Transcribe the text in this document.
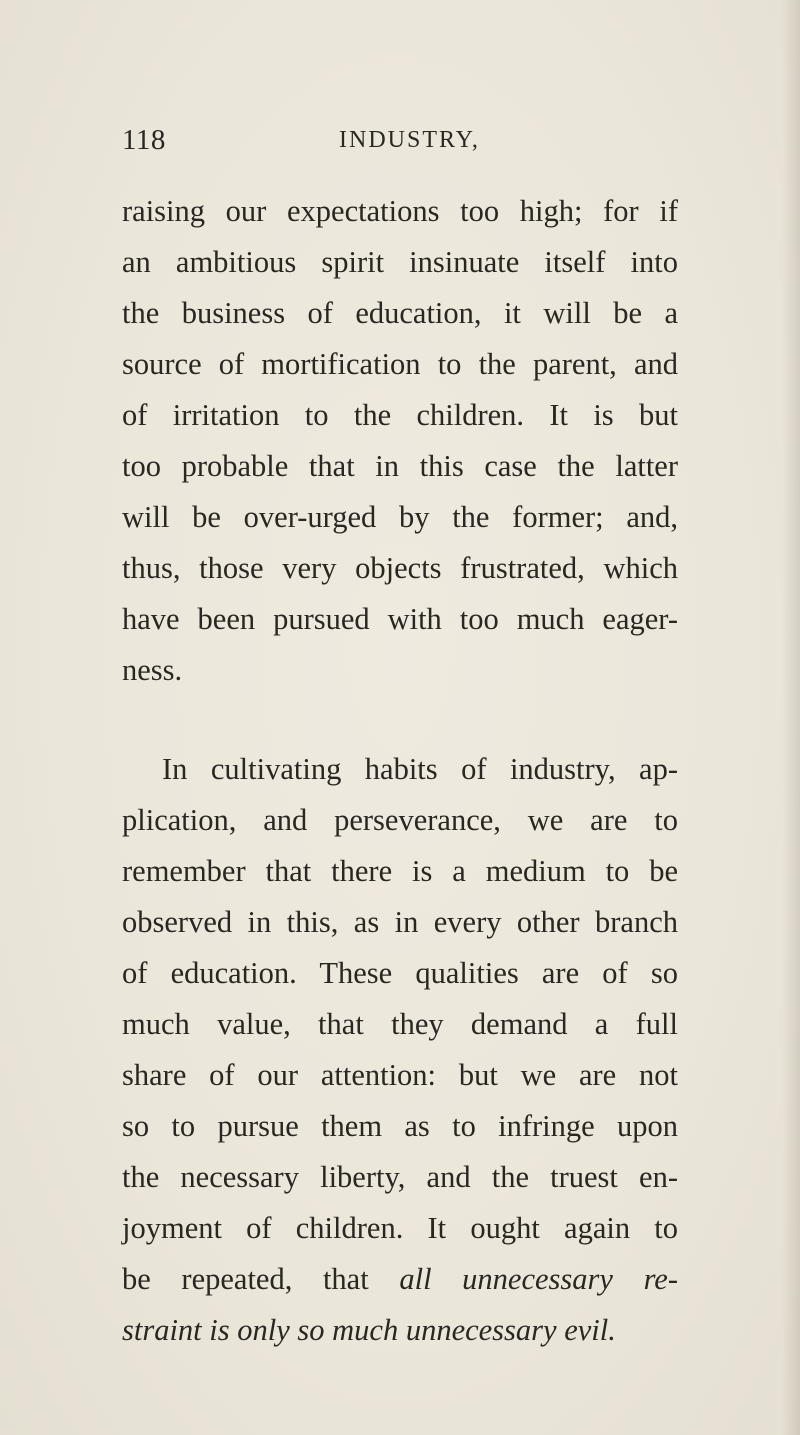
118	INDUSTRY,
raising our expectations too high; for if
an ambitious spirit insinuate itself into
the business of education, it will be a
source of mortification to the parent, and
of irritation to the children. It is but
too probable that in this case the latter
will be over-urged by the former; and,
thus, those very objects frustrated, which
have been pursued with too much eager-
ness.
In cultivating habits of industry, ap-
plication, and perseverance, we are to
remember that there is a medium to be
observed in this, as in every other branch
of education. These qualities are of so
much value, that they demand a full
share of our attention: but we are not
so to pursue them as to infringe upon
the necessary liberty, and the truest en-
joyment of children. It ought again to
be repeated, that all unnecessary re-
straint is only so much unnecessary evil.
